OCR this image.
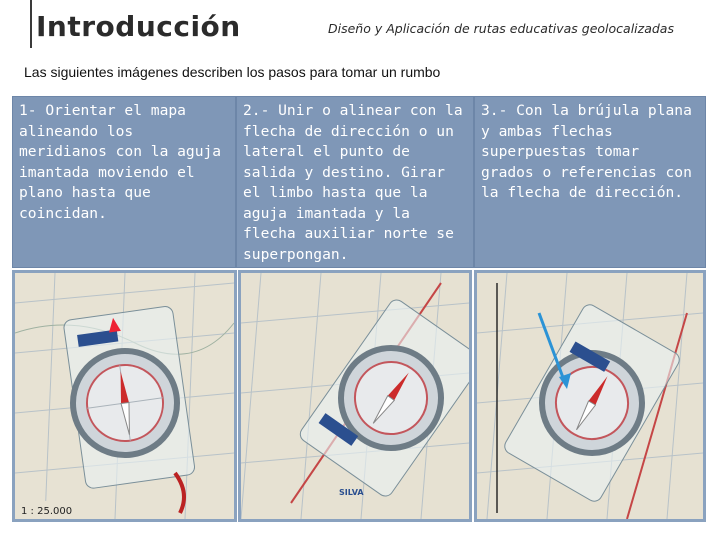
Introducción	Diseño y Aplicación de rutas educativas geolocalizadas
Las siguientes imágenes describen los pasos para tomar un rumbo
1- Orientar el mapa alineando los meridianos con la aguja imantada moviendo el plano hasta que coincidan.
2.- Unir o alinear con la flecha de dirección o un lateral el punto de salida y destino. Girar el limbo hasta que la aguja imantada y la flecha auxiliar norte se superpongan.
3.- Con la brújula plana y ambas flechas superpuestas tomar grados o referencias con la flecha de dirección.
1 : 25.000
SILVA
